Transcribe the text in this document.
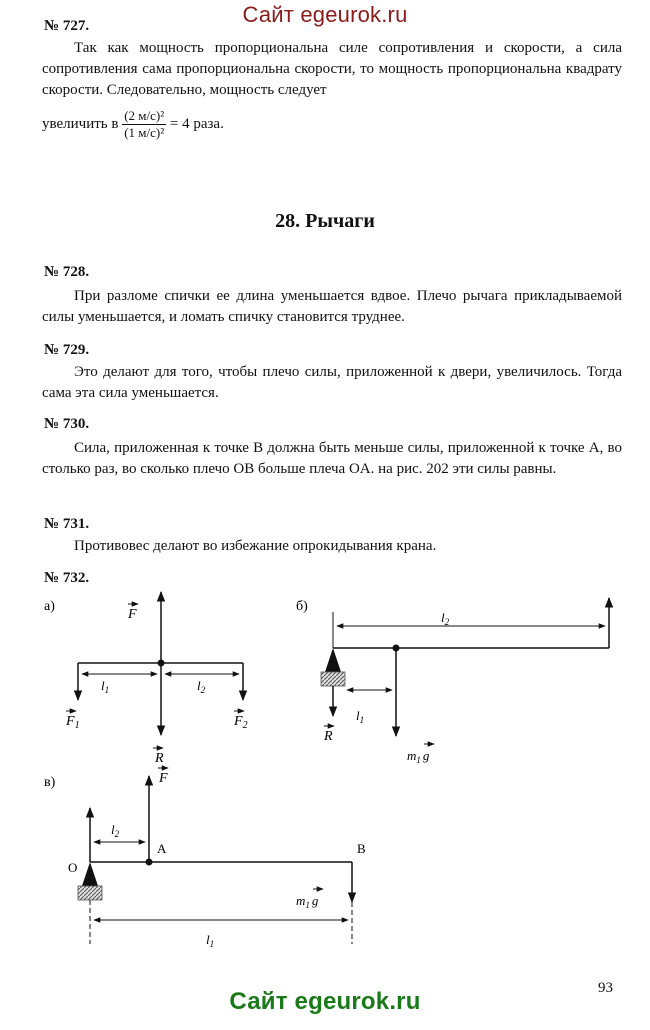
Сайт egeurok.ru
№ 727.
Так как мощность пропорциональна силе сопротивления и скорости, а сила сопротивления сама пропорциональна скорости, то мощность пропорциональна квадрату скорости. Следовательно, мощность следует
увеличить в $\frac{\text{(2 м/с)²}}{\text{(1 м/с)²}} = 4$ раза.
28. Рычаги
№ 728.
При разломе спички ее длина уменьшается вдвое. Плечо рычага прикладываемой силы уменьшается, и ломать спичку становится труднее.
№ 729.
Это делают для того, чтобы плечо силы, приложенной к двери, увеличилось. Тогда сама эта сила уменьшается.
№ 730.
Сила, приложенная к точке B должна быть меньше силы, приложенной к точке A, во столько раз, во сколько плечо OB больше плеча OA. на рис. 202 эти силы равны.
№ 731.
Противовес делают во избежание опрокидывания крана.
№ 732.
а)
$l_1$	$l_2$
F
$F_1$	$F_2$
б)
$l_2$
$l_1$
R
$m_1$ g
в)
$l_2$
R
F
A	B
O
$m_1$ g
$l_1$
93
Сайт egeurok.ru
